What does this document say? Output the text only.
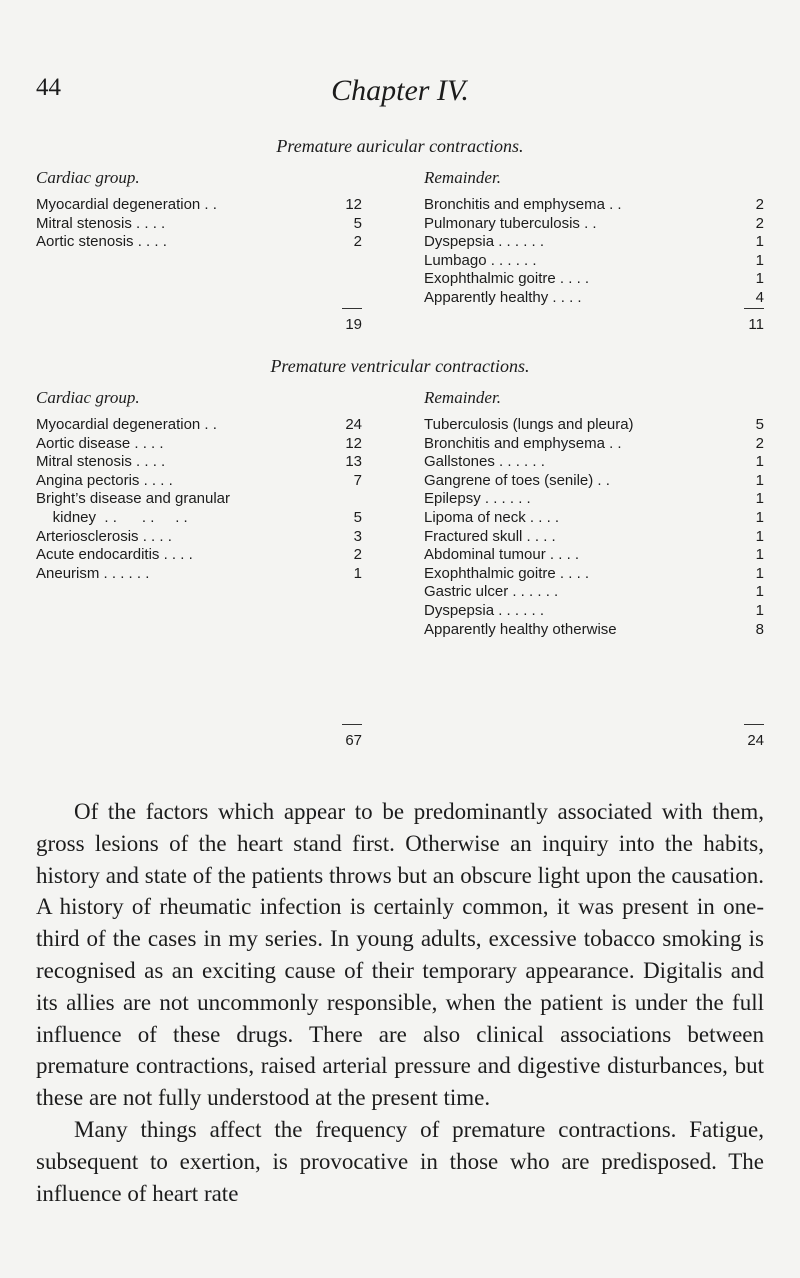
44	Chapter IV.
Premature auricular contractions.
Cardiac group.	Remainder.
Myocardial degeneration . .	12
Mitral stenosis . . . .	5
Aortic stenosis . . . .	2
Bronchitis and emphysema . .	2
Pulmonary tuberculosis . .	2
Dyspepsia . . . . . .	1
Lumbago . . . . . .	1
Exophthalmic goitre . . . .	1
Apparently healthy . . . .	4
19	11
Premature ventricular contractions.
Cardiac group.	Remainder.
Myocardial degeneration . .	24
Aortic disease . . . .	12
Mitral stenosis . . . .	13
Angina pectoris . . . .	7
Bright’s disease and granular
kidney  . .      . .     . .	5
Arteriosclerosis . . . .	3
Acute endocarditis . . . .	2
Aneurism . . . . . .	1
Tuberculosis (lungs and pleura)	5
Bronchitis and emphysema . .	2
Gallstones . . . . . .	1
Gangrene of toes (senile) . .	1
Epilepsy . . . . . .	1
Lipoma of neck . . . .	1
Fractured skull . . . .	1
Abdominal tumour . . . .	1
Exophthalmic goitre . . . .	1
Gastric ulcer . . . . . .	1
Dyspepsia . . . . . .	1
Apparently healthy otherwise	8
67	24

Of the factors which appear to be predominantly associated with them, gross lesions of the heart stand first. Otherwise an inquiry into the habits, history and state of the patients throws but an obscure light upon the causation. A history of rheumatic infection is certainly common, it was present in one-third of the cases in my series. In young adults, excessive tobacco smoking is recognised as an exciting cause of their temporary appearance. Digitalis and its allies are not uncommonly responsible, when the patient is under the full influence of these drugs. There are also clinical associations between premature contractions, raised arterial pressure and digestive disturbances, but these are not fully understood at the present time.

Many things affect the frequency of premature contractions. Fatigue, subsequent to exertion, is provocative in those who are predisposed. The influence of heart rate
